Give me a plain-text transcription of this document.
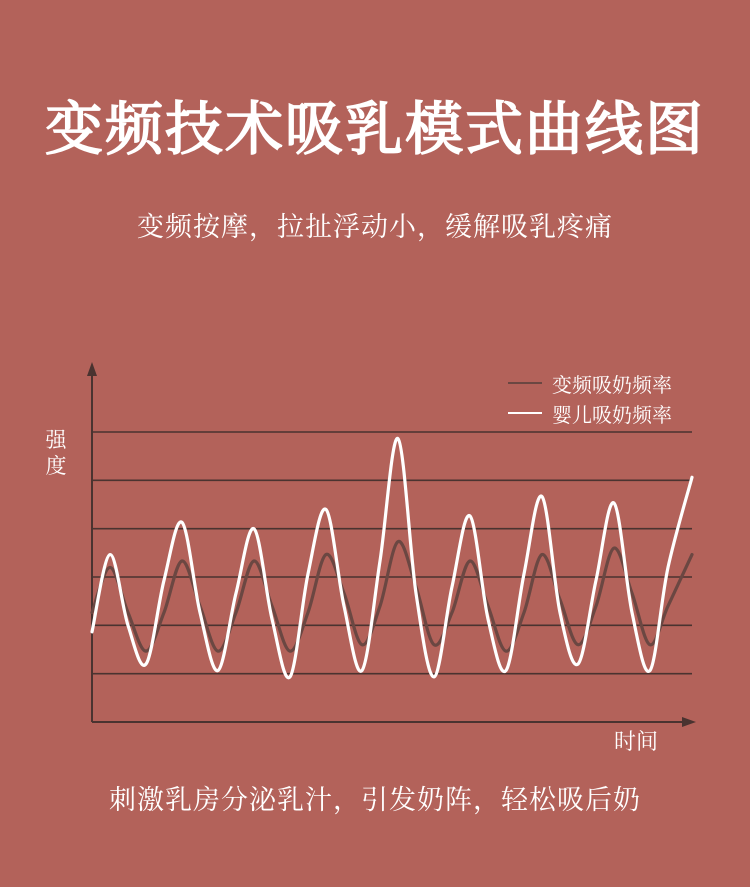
变频技术吸乳模式曲线图
变频按摩，拉扯浮动小，缓解吸乳疼痛
变频吸奶频率
婴儿吸奶频率
强
度
时间
刺激乳房分泌乳汁，引发奶阵，轻松吸后奶
